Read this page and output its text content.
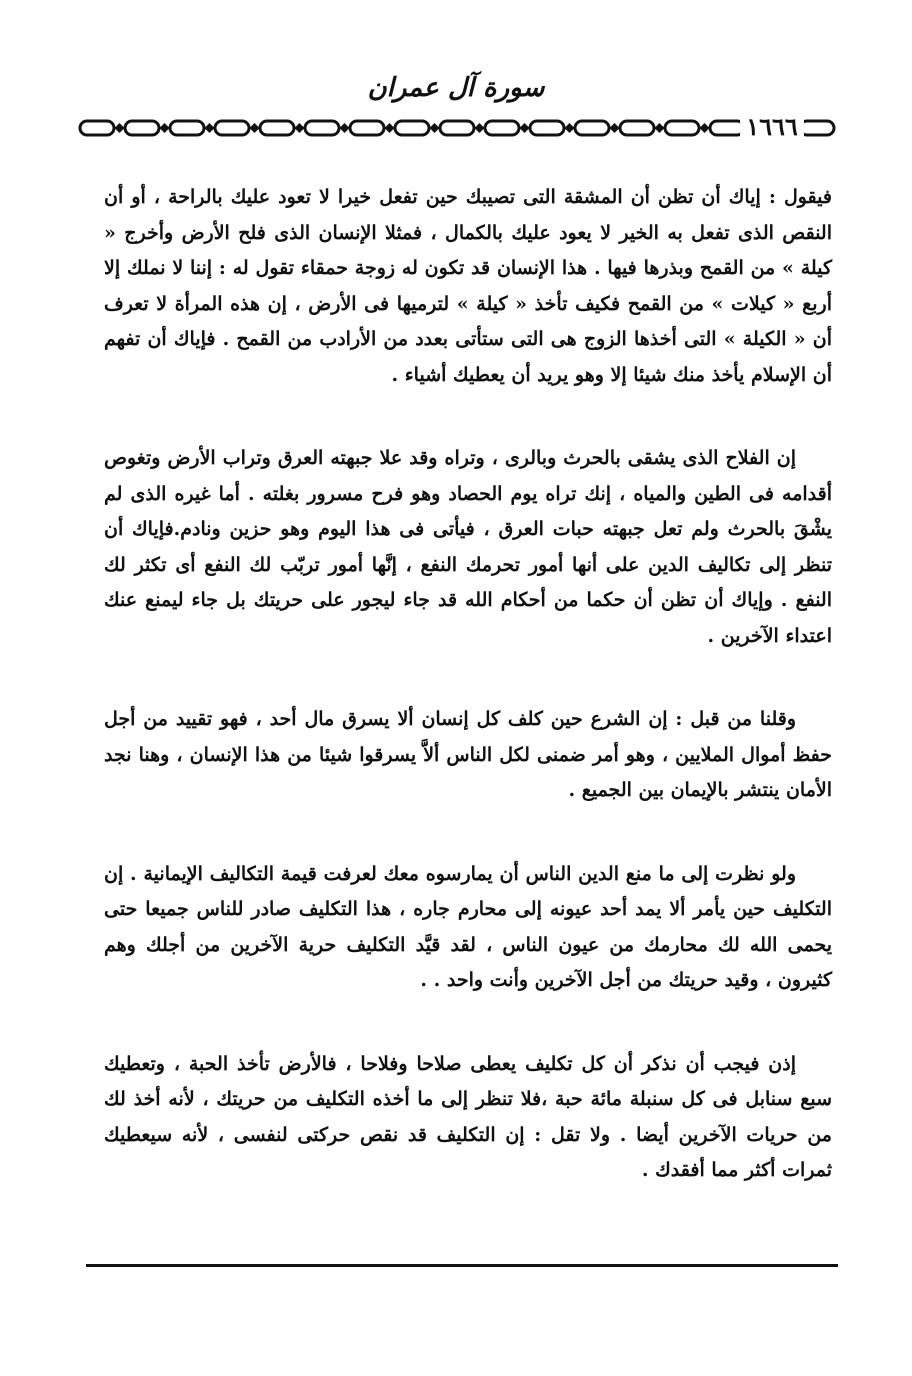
سورة آل عمران
١٦٦٦

فيقول : إياك أن تظن أن المشقة التى تصيبك حين تفعل خيرا لا تعود عليك بالراحة ، أو أن النقص الذى تفعل به الخير لا يعود عليك بالكمال ، فمثلا الإنسان الذى فلح الأرض وأخرج « كيلة » من القمح وبذرها فيها . هذا الإنسان قد تكون له زوجة حمقاء تقول له : إننا لا نملك إلا أربع « كيلات » من القمح فكيف تأخذ « كيلة » لترميها فى الأرض ، إن هذه المرأة لا تعرف أن « الكيلة » التى أخذها الزوج هى التى ستأتى بعدد من الأرادب من القمح . فإياك أن تفهم أن الإسلام يأخذ منك شيئا إلا وهو يريد أن يعطيك أشياء .

إن الفلاح الذى يشقى بالحرث وبالرى ، وتراه وقد علا جبهته العرق وتراب الأرض وتغوص أقدامه فى الطين والمياه ، إنك تراه يوم الحصاد وهو فرح مسرور بغلته . أما غيره الذى لم يشْقَ بالحرث ولم تعل جبهته حبات العرق ، فيأتى فى هذا اليوم وهو حزين ونادم.فإياك أن تنظر إلى تكاليف الدين على أنها أمور تحرمك النفع ، إنَّها أمور تربّب لك النفع أى تكثر لك النفع . وإياك أن تظن أن حكما من أحكام الله قد جاء ليجور على حريتك بل جاء ليمنع عنك اعتداء الآخرين .

وقلنا من قبل : إن الشرع حين كلف كل إنسان ألا يسرق مال أحد ، فهو تقييد من أجل حفظ أموال الملايين ، وهو أمر ضمنى لكل الناس ألاَّ يسرقوا شيئا من هذا الإنسان ، وهنا نجد الأمان ينتشر بالإيمان بين الجميع .

ولو نظرت إلى ما منع الدين الناس أن يمارسوه معك لعرفت قيمة التكاليف الإيمانية . إن التكليف حين يأمر ألا يمد أحد عيونه إلى محارم جاره ، هذا التكليف صادر للناس جميعا حتى يحمى الله لك محارمك من عيون الناس ، لقد قيَّد التكليف حرية الآخرين من أجلك وهم كثيرون ، وقيد حريتك من أجل الآخرين وأنت واحد . .

إذن فيجب أن نذكر أن كل تكليف يعطى صلاحا وفلاحا ، فالأرض تأخذ الحبة ، وتعطيك سبع سنابل فى كل سنبلة مائة حبة ،فلا تنظر إلى ما أخذه التكليف من حريتك ، لأنه أخذ لك من حريات الآخرين أيضا . ولا تقل : إن التكليف قد نقص حركتى لنفسى ، لأنه سيعطيك ثمرات أكثر مما أفقدك .
